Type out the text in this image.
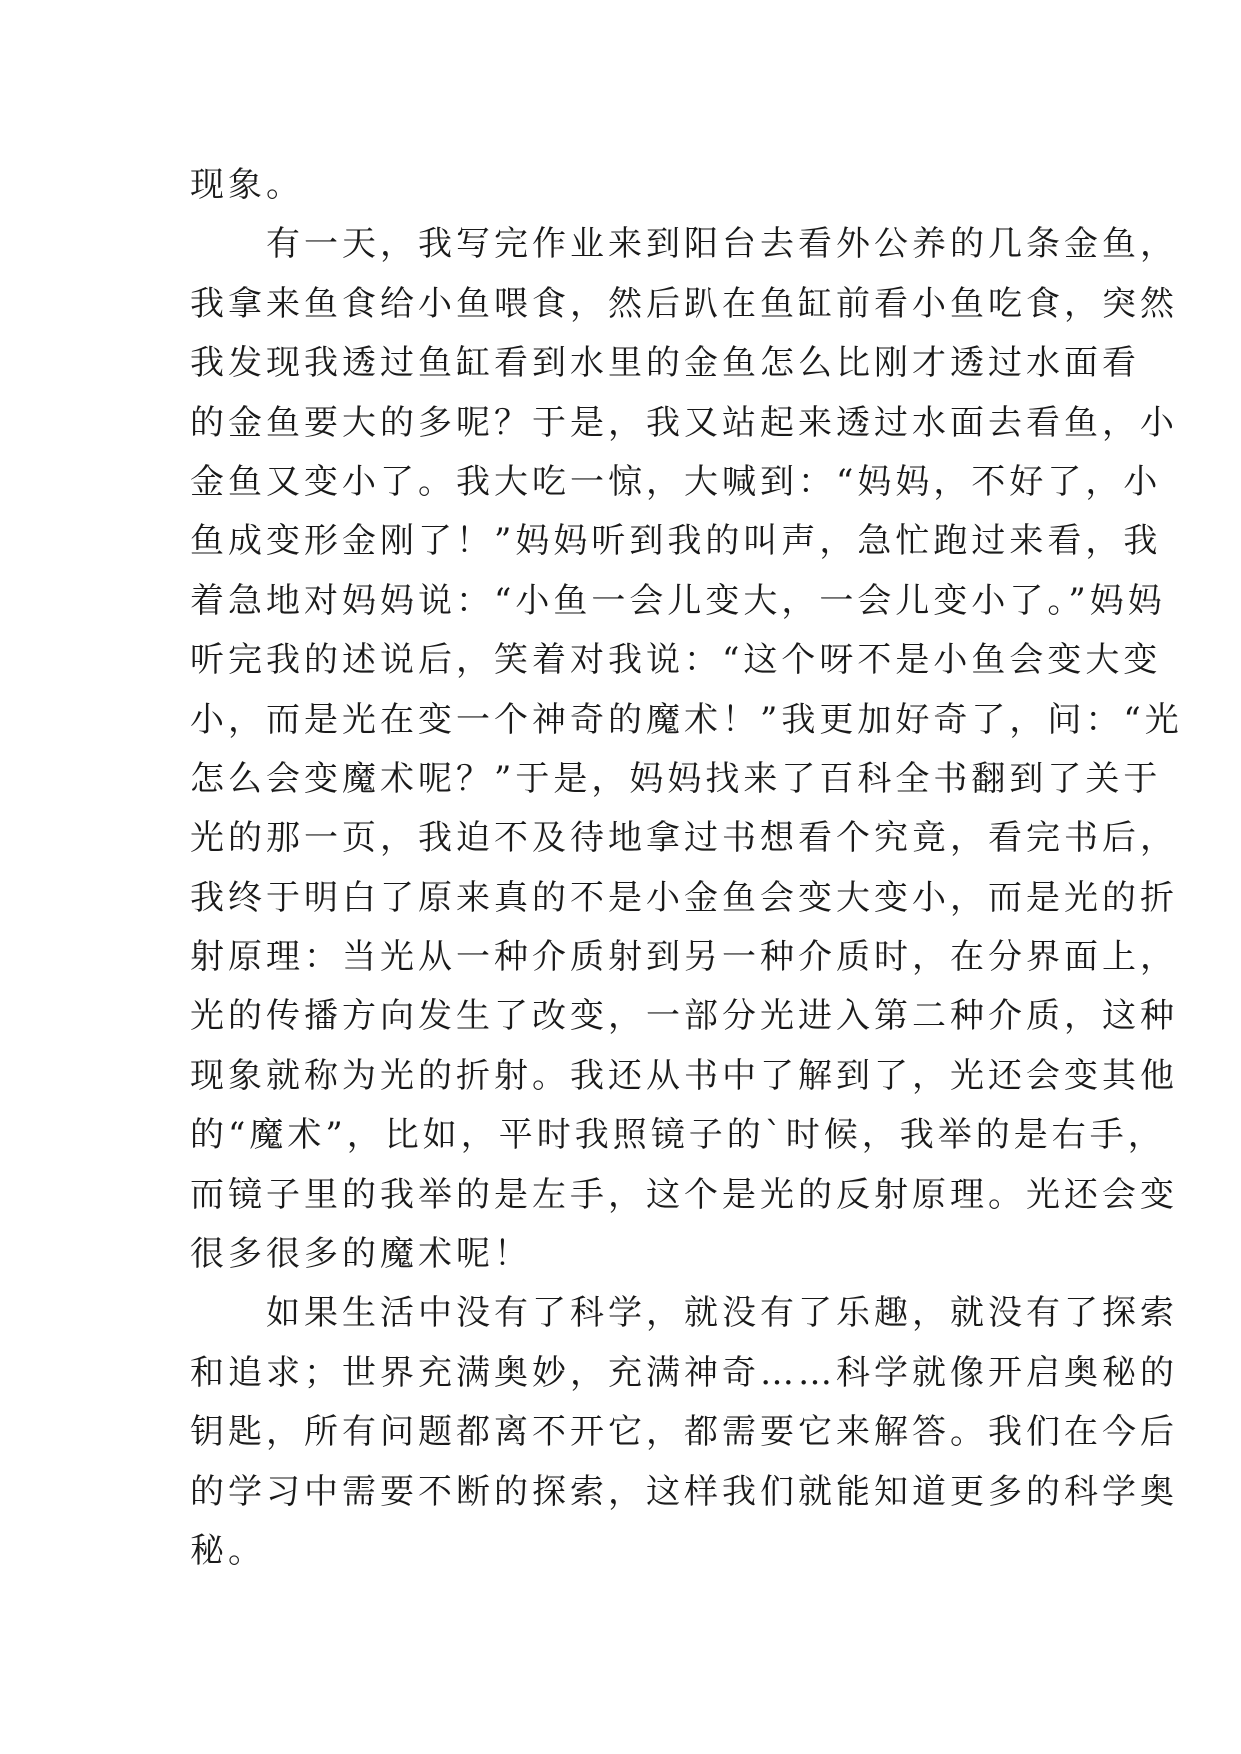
现象。
有一天，我写完作业来到阳台去看外公养的几条金鱼，
我拿来鱼食给小鱼喂食，然后趴在鱼缸前看小鱼吃食，突然
我发现我透过鱼缸看到水里的金鱼怎么比刚才透过水面看
的金鱼要大的多呢？于是，我又站起来透过水面去看鱼，小
金鱼又变小了。我大吃一惊，大喊到：“妈妈，不好了，小
鱼成变形金刚了！”妈妈听到我的叫声，急忙跑过来看，我
着急地对妈妈说：“小鱼一会儿变大，一会儿变小了。”妈妈
听完我的述说后，笑着对我说：“这个呀不是小鱼会变大变
小，而是光在变一个神奇的魔术！”我更加好奇了，问：“光
怎么会变魔术呢？”于是，妈妈找来了百科全书翻到了关于
光的那一页，我迫不及待地拿过书想看个究竟，看完书后，
我终于明白了原来真的不是小金鱼会变大变小，而是光的折
射原理：当光从一种介质射到另一种介质时，在分界面上，
光的传播方向发生了改变，一部分光进入第二种介质，这种
现象就称为光的折射。我还从书中了解到了，光还会变其他
的“魔术”，比如，平时我照镜子的`时候，我举的是右手，
而镜子里的我举的是左手，这个是光的反射原理。光还会变
很多很多的魔术呢！
如果生活中没有了科学，就没有了乐趣，就没有了探索
和追求；世界充满奥妙，充满神奇……科学就像开启奥秘的
钥匙，所有问题都离不开它，都需要它来解答。我们在今后
的学习中需要不断的探索，这样我们就能知道更多的科学奥
秘。
